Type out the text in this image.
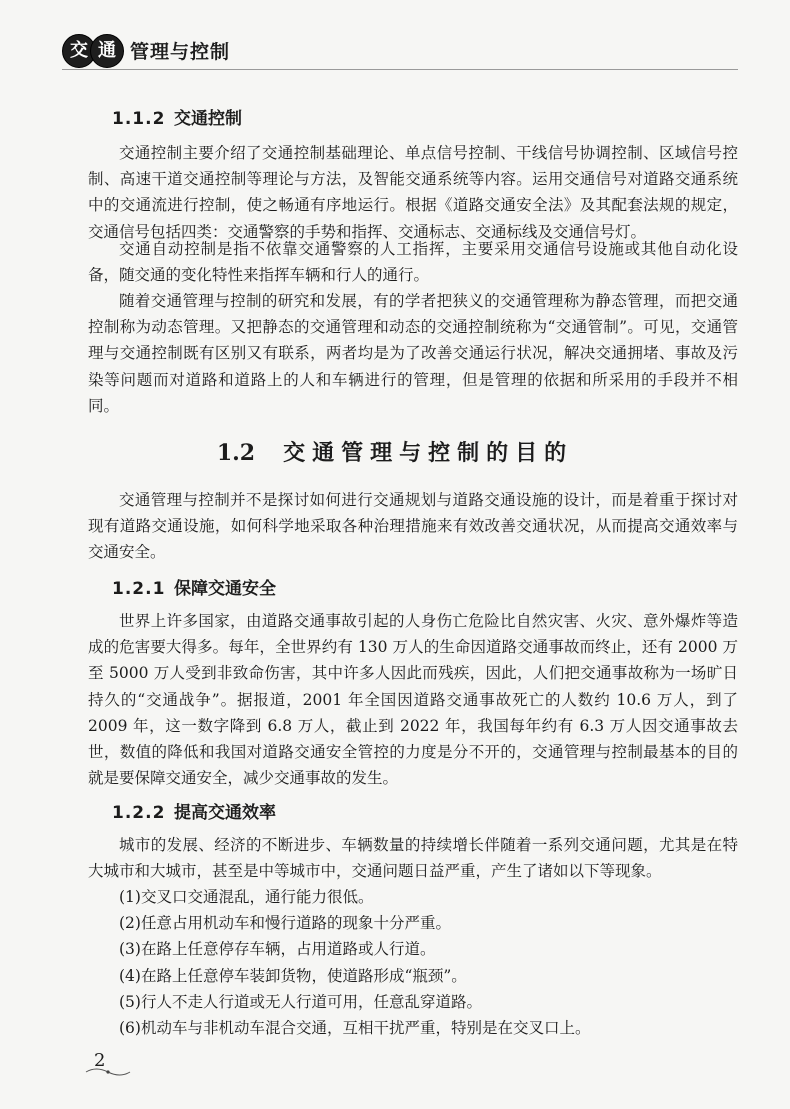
交 通 管理与控制
1.1.2 交通控制
交通控制主要介绍了交通控制基础理论、单点信号控制、干线信号协调控制、区域信号控制、高速干道交通控制等理论与方法，及智能交通系统等内容。运用交通信号对道路交通系统中的交通流进行控制，使之畅通有序地运行。根据《道路交通安全法》及其配套法规的规定，交通信号包括四类：交通警察的手势和指挥、交通标志、交通标线及交通信号灯。
交通自动控制是指不依靠交通警察的人工指挥，主要采用交通信号设施或其他自动化设备，随交通的变化特性来指挥车辆和行人的通行。
随着交通管理与控制的研究和发展，有的学者把狭义的交通管理称为静态管理，而把交通控制称为动态管理。又把静态的交通管理和动态的交通控制统称为“交通管制”。可见，交通管理与交通控制既有区别又有联系，两者均是为了改善交通运行状况，解决交通拥堵、事故及污染等问题而对道路和道路上的人和车辆进行的管理，但是管理的依据和所采用的手段并不相同。
1.2 交通管理与控制的目的
交通管理与控制并不是探讨如何进行交通规划与道路交通设施的设计，而是着重于探讨对现有道路交通设施，如何科学地采取各种治理措施来有效改善交通状况，从而提高交通效率与交通安全。
1.2.1 保障交通安全
世界上许多国家，由道路交通事故引起的人身伤亡危险比自然灾害、火灾、意外爆炸等造成的危害要大得多。每年，全世界约有 130 万人的生命因道路交通事故而终止，还有 2000 万至 5000 万人受到非致命伤害，其中许多人因此而残疾，因此，人们把交通事故称为一场旷日持久的“交通战争”。据报道，2001 年全国因道路交通事故死亡的人数约 10.6 万人，到了 2009 年，这一数字降到 6.8 万人，截止到 2022 年，我国每年约有 6.3 万人因交通事故去世，数值的降低和我国对道路交通安全管控的力度是分不开的，交通管理与控制最基本的目的就是要保障交通安全，减少交通事故的发生。
1.2.2 提高交通效率
城市的发展、经济的不断进步、车辆数量的持续增长伴随着一系列交通问题，尤其是在特大城市和大城市，甚至是中等城市中，交通问题日益严重，产生了诸如以下等现象。
(1)交叉口交通混乱，通行能力很低。
(2)任意占用机动车和慢行道路的现象十分严重。
(3)在路上任意停存车辆，占用道路或人行道。
(4)在路上任意停车装卸货物，使道路形成“瓶颈”。
(5)行人不走人行道或无人行道可用，任意乱穿道路。
(6)机动车与非机动车混合交通，互相干扰严重，特别是在交叉口上。
2
